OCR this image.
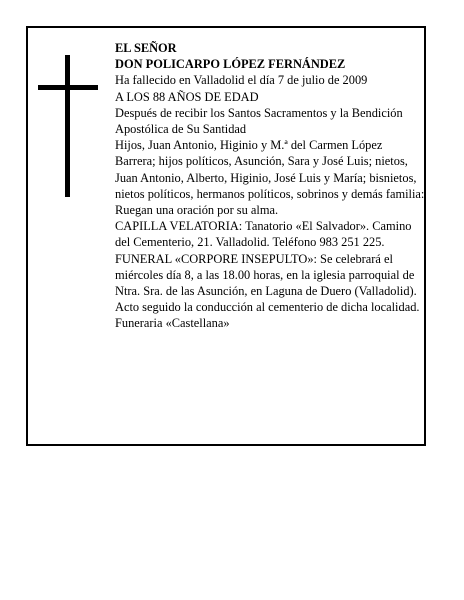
EL SEÑOR

DON POLICARPO LÓPEZ FERNÁNDEZ

Ha fallecido en Valladolid el día 7 de julio de 2009

A LOS 88 AÑOS DE EDAD

Después de recibir los Santos Sacramentos y la Bendición Apostólica de Su Santidad

Hijos, Juan Antonio, Higinio y M.ª del Carmen López Barrera; hijos políticos, Asunción, Sara y José Luis; nietos, Juan Antonio, Alberto, Higinio, José Luis y María; bisnietos, nietos políticos, hermanos políticos, sobrinos y demás familia:

Ruegan una oración por su alma.

CAPILLA VELATORIA: Tanatorio «El Salvador». Camino del Cementerio, 21. Valladolid. Teléfono 983 251 225.

FUNERAL «CORPORE INSEPULTO»: Se celebrará el miércoles día 8, a las 18.00 horas, en la iglesia parroquial de Ntra. Sra. de las Asunción, en Laguna de Duero (Valladolid). Acto seguido la conducción al cementerio de dicha localidad.

Funeraria «Castellana»
